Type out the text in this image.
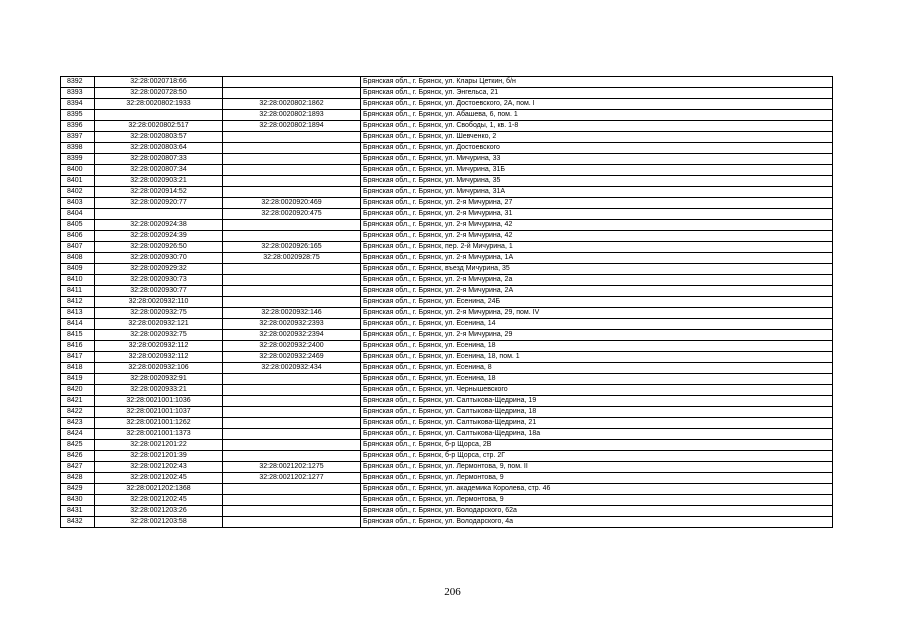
8392	32:28:0020718:66		Брянская обл., г. Брянск, ул. Клары Цеткин, б/н
8393	32:28:0020728:50		Брянская обл., г. Брянск, ул. Энгельса, 21
8394	32:28:0020802:1933	32:28:0020802:1862	Брянская обл., г. Брянск, ул. Достоевского, 2А, пом. I
8395		32:28:0020802:1893	Брянская обл., г. Брянск, ул. Абашева, 6, пом. 1
8396	32:28:0020802:517	32:28:0020802:1894	Брянская обл., г. Брянск, ул. Свободы, 1, кв. 1-8
8397	32:28:0020803:57		Брянская обл., г. Брянск, ул. Шевченко, 2
8398	32:28:0020803:64		Брянская обл., г. Брянск, ул. Достоевского
8399	32:28:0020807:33		Брянская обл., г. Брянск, ул. Мичурина, 33
8400	32:28:0020807:34		Брянская обл., г. Брянск, ул. Мичурина, 31Б
8401	32:28:0020903:21		Брянская обл., г. Брянск, ул. Мичурина, 35
8402	32:28:0020914:52		Брянская обл., г. Брянск, ул. Мичурина, 31А
8403	32:28:0020920:77	32:28:0020920:469	Брянская обл., г. Брянск, ул. 2-я Мичурина, 27
8404		32:28:0020920:475	Брянская обл., г. Брянск, ул. 2-я Мичурина, 31
8405	32:28:0020924:38		Брянская обл., г. Брянск, ул. 2-я Мичурина, 42
8406	32:28:0020924:39		Брянская обл., г. Брянск, ул. 2-я Мичурина, 42
8407	32:28:0020926:50	32:28:0020926:165	Брянская обл., г. Брянск, пер. 2-й Мичурина, 1
8408	32:28:0020930:70	32:28:0020928:75	Брянская обл., г. Брянск, ул. 2-я Мичурина, 1А
8409	32:28:0020929:32		Брянская обл., г. Брянск, въезд Мичурина, 35
8410	32:28:0020930:73		Брянская обл., г. Брянск, ул. 2-я Мичурина, 2а
8411	32:28:0020930:77		Брянская обл., г. Брянск, ул. 2-я Мичурина, 2А
8412	32:28:0020932:110		Брянская обл., г. Брянск, ул. Есенина, 24Б
8413	32:28:0020932:75	32:28:0020932:146	Брянская обл., г. Брянск, ул. 2-я Мичурина, 29, пом. IV
8414	32:28:0020932:121	32:28:0020932:2393	Брянская обл., г. Брянск, ул. Есенина, 14
8415	32:28:0020932:75	32:28:0020932:2394	Брянская обл., г. Брянск, ул. 2-я Мичурина, 29
8416	32:28:0020932:112	32:28:0020932:2400	Брянская обл., г. Брянск, ул. Есенина, 18
8417	32:28:0020932:112	32:28:0020932:2469	Брянская обл., г. Брянск, ул. Есенина, 18, пом. 1
8418	32:28:0020932:106	32:28:0020932:434	Брянская обл., г. Брянск, ул. Есенина, 8
8419	32:28:0020932:91		Брянская обл., г. Брянск, ул. Есенина, 18
8420	32:28:0020933:21		Брянская обл., г. Брянск, ул. Чернышевского
8421	32:28:0021001:1036		Брянская обл., г. Брянск, ул. Салтыкова-Щедрина, 19
8422	32:28:0021001:1037		Брянская обл., г. Брянск, ул. Салтыкова-Щедрина, 18
8423	32:28:0021001:1262		Брянская обл., г. Брянск, ул. Салтыкова-Щедрина, 21
8424	32:28:0021001:1373		Брянская обл., г. Брянск, ул. Салтыкова-Щедрина, 18а
8425	32:28:0021201:22		Брянская обл., г. Брянск, б-р Щорса, 2В
8426	32:28:0021201:39		Брянская обл., г. Брянск, б-р Щорса, стр. 2Г
8427	32:28:0021202:43	32:28:0021202:1275	Брянская обл., г. Брянск, ул. Лермонтова, 9, пом. II
8428	32:28:0021202:45	32:28:0021202:1277	Брянская обл., г. Брянск, ул. Лермонтова, 9
8429	32:28:0021202:1368		Брянская обл., г. Брянск, ул. академика Королева, стр. 46
8430	32:28:0021202:45		Брянская обл., г. Брянск, ул. Лермонтова, 9
8431	32:28:0021203:26		Брянская обл., г. Брянск, ул. Володарского, 62а
8432	32:28:0021203:58		Брянская обл., г. Брянск, ул. Володарского, 4а
206
